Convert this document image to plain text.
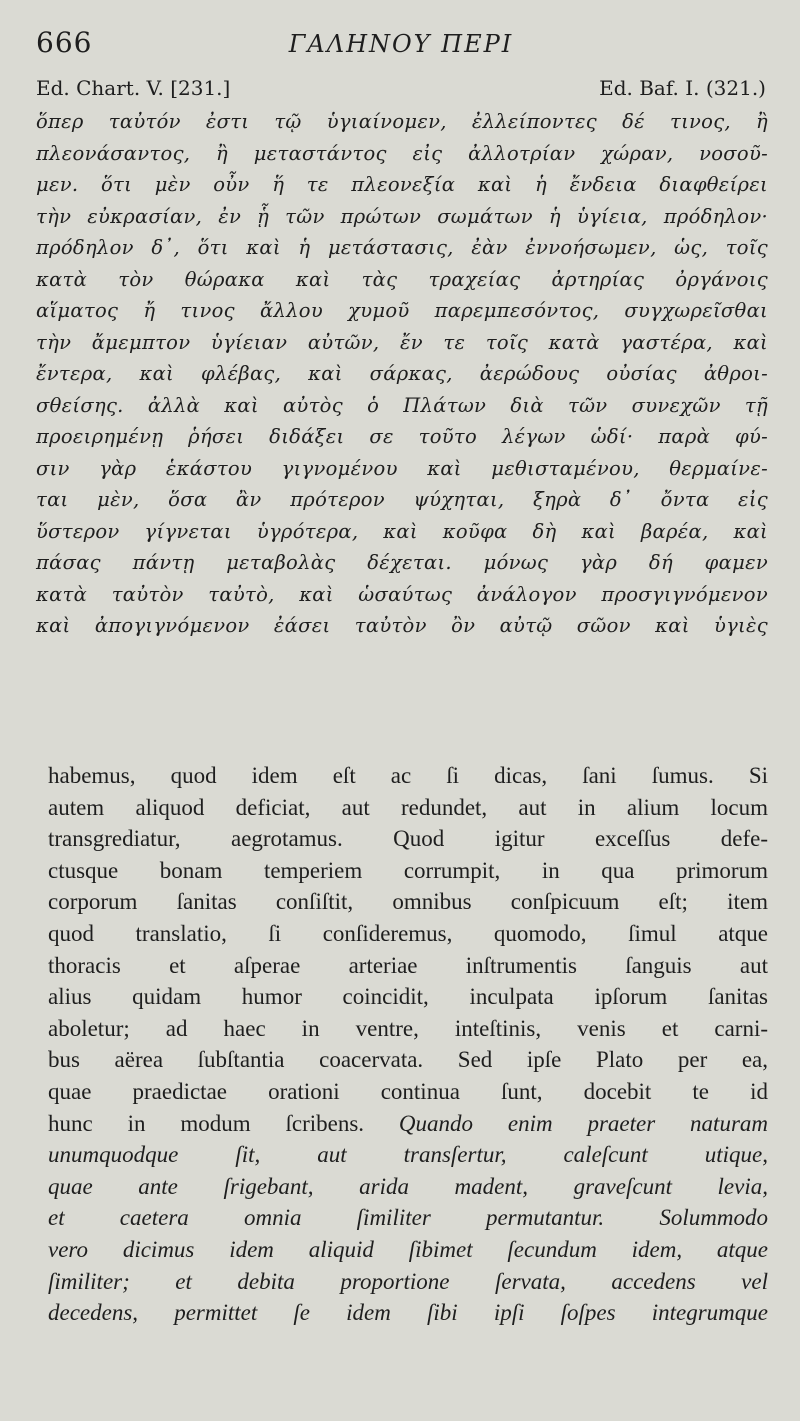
666	ΓΑΛΗΝΟΥ ΠΕΡΙ
Ed. Chart. V. [231.]	Ed. Baf. I. (321.)
ὅπερ ταὐτόν ἐστι τῷ ὑγιαίνομεν, ἐλλείποντες δέ τινος, ἢ
πλεονάσαντος, ἢ μεταστάντος εἰς ἀλλοτρίαν χώραν, νοσοῦ-
μεν. ὅτι μὲν οὖν ἥ τε πλεονεξία καὶ ἡ ἔνδεια διαφθείρει
τὴν εὐκρασίαν, ἐν ᾗ τῶν πρώτων σωμάτων ἡ ὑγίεια, πρόδηλον·
πρόδηλον δ᾽, ὅτι καὶ ἡ μετάστασις, ἐὰν ἐννοήσωμεν, ὡς, τοῖς
κατὰ τὸν θώρακα καὶ τὰς τραχείας ἀρτηρίας ὀργάνοις
αἵματος ἤ τινος ἄλλου χυμοῦ παρεμπεσόντος, συγχωρεῖσθαι
τὴν ἄμεμπτον ὑγίειαν αὐτῶν, ἔν τε τοῖς κατὰ γαστέρα, καὶ
ἔντερα, καὶ φλέβας, καὶ σάρκας, ἀερώδους οὐσίας ἀθροι-
σθείσης. ἀλλὰ καὶ αὐτὸς ὁ Πλάτων διὰ τῶν συνεχῶν τῇ
προειρημένῃ ῥήσει διδάξει σε τοῦτο λέγων ὡδί· παρὰ φύ-
σιν γὰρ ἑκάστου γιγνομένου καὶ μεθισταμένου, θερμαίνε-
ται μὲν, ὅσα ἂν πρότερον ψύχηται, ξηρὰ δ᾽ ὄντα εἰς
ὕστερον γίγνεται ὑγρότερα, καὶ κοῦφα δὴ καὶ βαρέα, καὶ
πάσας πάντῃ μεταβολὰς δέχεται. μόνως γὰρ δή φαμεν
κατὰ ταὐτὸν ταὐτὸ, καὶ ὡσαύτως ἀνάλογον προσγιγνόμενον
καὶ ἀπογιγνόμενον ἐάσει ταὐτὸν ὂν αὐτῷ σῶον καὶ ὑγιὲς
habemus, quod idem eſt ac ſi dicas, ſani ſumus. Si
autem aliquod deficiat, aut redundet, aut in alium locum
transgrediatur, aegrotamus. Quod igitur exceſſus defe-
ctusque bonam temperiem corrumpit, in qua primorum
corporum ſanitas conſiſtit, omnibus conſpicuum eſt; item
quod translatio, ſi conſideremus, quomodo, ſimul atque
thoracis et aſperae arteriae inſtrumentis ſanguis aut
alius quidam humor coincidit, inculpata ipſorum ſanitas
aboletur; ad haec in ventre, inteſtinis, venis et carni-
bus aërea ſubſtantia coacervata. Sed ipſe Plato per ea,
quae praedictae orationi continua ſunt, docebit te id
hunc in modum ſcribens. Quando enim praeter naturam
unumquodque ſit, aut transſertur, caleſcunt utique,
quae ante ſrigebant, arida madent, graveſcunt levia,
et caetera omnia ſimiliter permutantur. Solummodo
vero dicimus idem aliquid ſibimet ſecundum idem, atque
ſimiliter; et debita proportione ſervata, accedens vel
decedens, permittet ſe idem ſibi ipſi ſoſpes integrumque
